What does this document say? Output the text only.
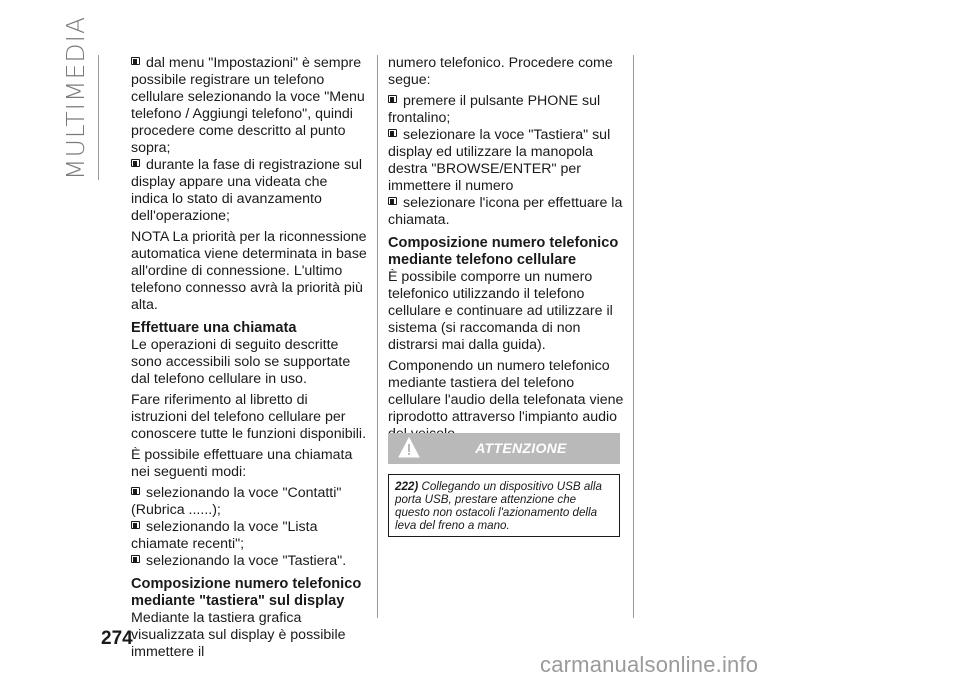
MULTIMEDIA	dal menu "Impostazioni" è sempre possibile registrare un telefono cellulare selezionando la voce "Menu telefono / Aggiungi telefono", quindi procedere come descritto al punto sopra;

durante la fase di registrazione sul display appare una videata che indica lo stato di avanzamento dell'operazione;

NOTA La priorità per la riconnessione automatica viene determinata in base all'ordine di connessione. L'ultimo telefono connesso avrà la priorità più alta.

Effettuare una chiamata

Le operazioni di seguito descritte sono accessibili solo se supportate dal telefono cellulare in uso.

Fare riferimento al libretto di istruzioni del telefono cellulare per conoscere tutte le funzioni disponibili.

È possibile effettuare una chiamata nei seguenti modi:

selezionando la voce "Contatti" (Rubrica ......);

selezionando la voce "Lista chiamate recenti";

selezionando la voce "Tastiera".

Composizione numero telefonico mediante "tastiera" sul display

Mediante la tastiera grafica visualizzata sul display è possibile immettere il

numero telefonico. Procedere come segue:

premere il pulsante PHONE sul frontalino;

selezionare la voce "Tastiera" sul display ed utilizzare la manopola destra "BROWSE/ENTER" per immettere il numero

selezionare l'icona per effettuare la chiamata.

Composizione numero telefonico mediante telefono cellulare

È possibile comporre un numero telefonico utilizzando il telefono cellulare e continuare ad utilizzare il sistema (si raccomanda di non distrarsi mai dalla guida).

Componendo un numero telefonico mediante tastiera del telefono cellulare l'audio della telefonata viene riprodotto attraverso l'impianto audio

ATTENZIONE
222) Collegando un dispositivo USB alla porta USB, prestare attenzione che questo non ostacoli l'azionamento della leva del freno a mano.
274
carmanualsonline.info
